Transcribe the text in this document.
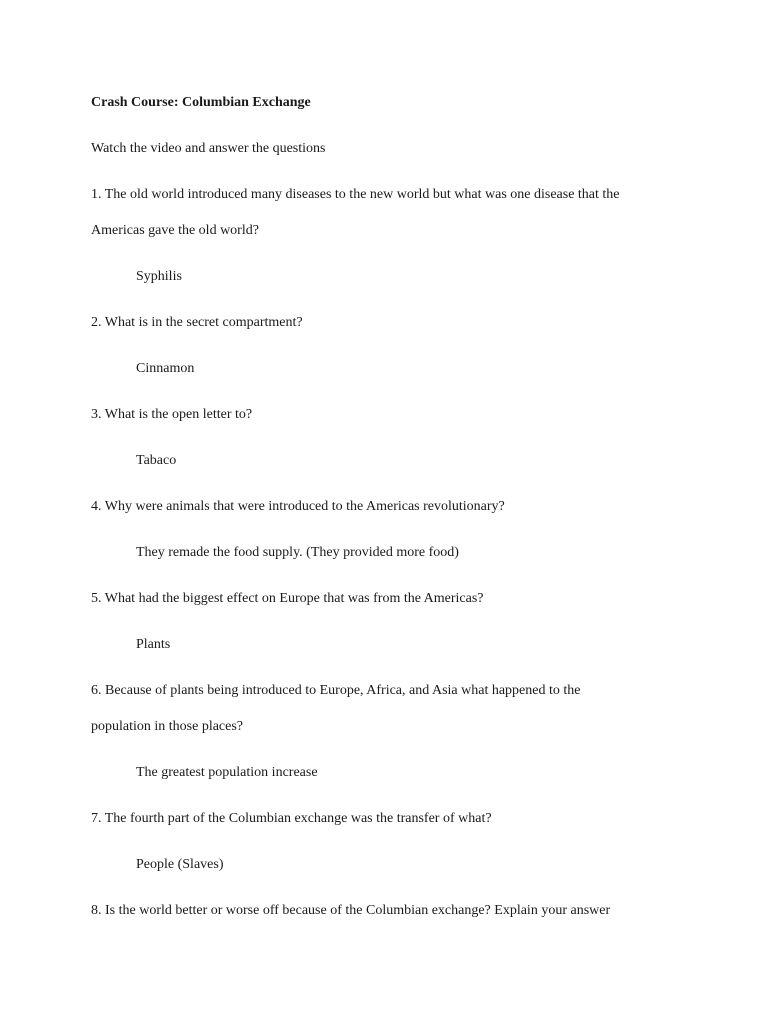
Crash Course: Columbian Exchange
Watch the video and answer the questions
1. The old world introduced many diseases to the new world but what was one disease that the
Americas gave the old world?
Syphilis
2. What is in the secret compartment?
Cinnamon
3. What is the open letter to?
Tabaco
4. Why were animals that were introduced to the Americas revolutionary?
They remade the food supply. (They provided more food)
5. What had the biggest effect on Europe that was from the Americas?
Plants
6. Because of plants being introduced to Europe, Africa, and Asia what happened to the
population in those places?
The greatest population increase
7. The fourth part of the Columbian exchange was the transfer of what?
People (Slaves)
8. Is the world better or worse off because of the Columbian exchange? Explain your answer
